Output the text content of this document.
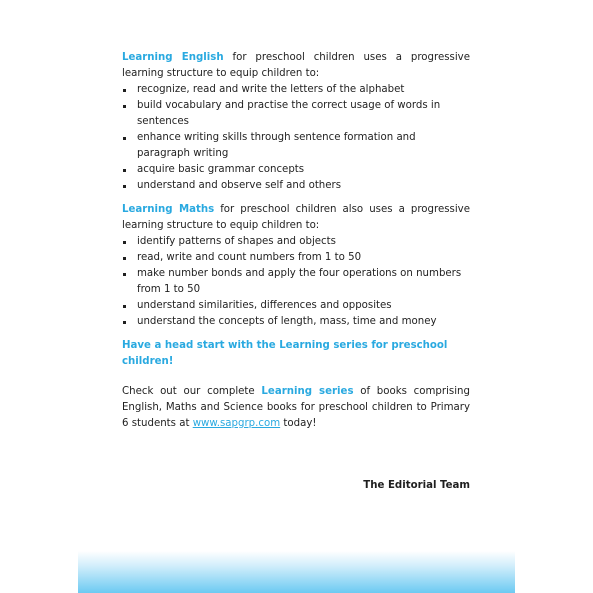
Learning English for preschool children uses a progressive learning structure to equip children to:

recognize, read and write the letters of the alphabet
build vocabulary and practise the correct usage of words in sentences
enhance writing skills through sentence formation and paragraph writing
acquire basic grammar concepts
understand and observe self and others

Learning Maths for preschool children also uses a progressive learning structure to equip children to:

identify patterns of shapes and objects
read, write and count numbers from 1 to 50
make number bonds and apply the four operations on numbers from 1 to 50
understand similarities, differences and opposites
understand the concepts of length, mass, time and money

Have a head start with the Learning series for preschool children!

Check out our complete Learning series of books comprising English, Maths and Science books for preschool children to Primary 6 students at www.sapgrp.com today!

The Editorial Team
